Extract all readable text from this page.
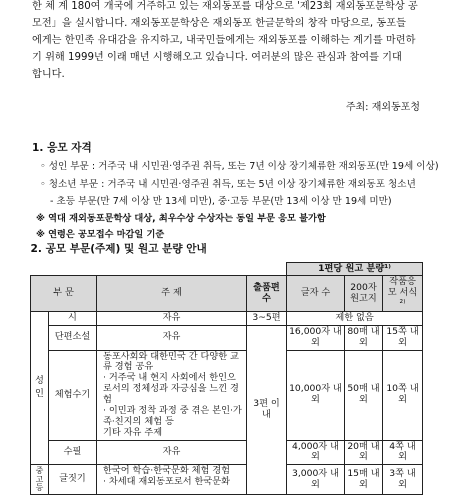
한 체 계 180여 개국에 거주하고 있는 재외동포를 대상으로 '제23회 재외동포문학상 공
모전」을 실시합니다. 재외동포문학상은 재외동포 한글문학의 창작 마당으로, 동포들
에게는 한민족 유대감을 유지하고, 내국민들에게는 재외동포를 이해하는 계기를 마련하
기 위해 1999년 이래 매년 시행해오고 있습니다. 여러분의 많은 관심과 참여를 기대
합니다.
주최: 재외동포청
1. 응모 자격
◦ 성인 부문 : 거주국 내 시민권·영주권 취득, 또는 7년 이상 장기체류한 재외동포(만 19세 이상)
◦ 청소년 부문 : 거주국 내 시민권·영주권 취득, 또는 5년 이상 장기체류한 재외동포 청소년
- 초등 부문(만 7세 이상 만 13세 미만), 중·고등 부문(만 13세 이상 만 19세 미만)
※ 역대 재외동포문학상 대상, 최우수상 수상자는 동일 부문 응모 불가함
※ 연령은 공모접수 마감일 기준
2. 공모 부문(주제) 및 원고 분량 안내						
				1편당 원고 분량¹⁾		
부 문		주 제	출품편수	글자 수	200자 원고지	작품응모 서식²⁾
성인	시	자유	3~5편	제한 없음		
	단편소설	자유	3편 이내	16,000자 내외	80매 내외	15쪽 내외
	체험수기	동포사회와 대한민국 간 다양한 교류 경험 공유
· 거주국 내 현지 사회에서 한인으로서의 정체성과 자긍심을 느낀 경험
· 이민과 정착 과정 중 겪은 본인·가족·친지의 체험 등
기타 자유 주제		10,000자 내외	50매 내외	10쪽 내외
	수필	자유		4,000자 내외	20매 내외	4쪽 내외
중고등	글짓기	한국어 학습·한국문화 체험 경험
· 차세대 재외동포로서 한국문화		3,000자 내외	15매 내외	3쪽 내외
